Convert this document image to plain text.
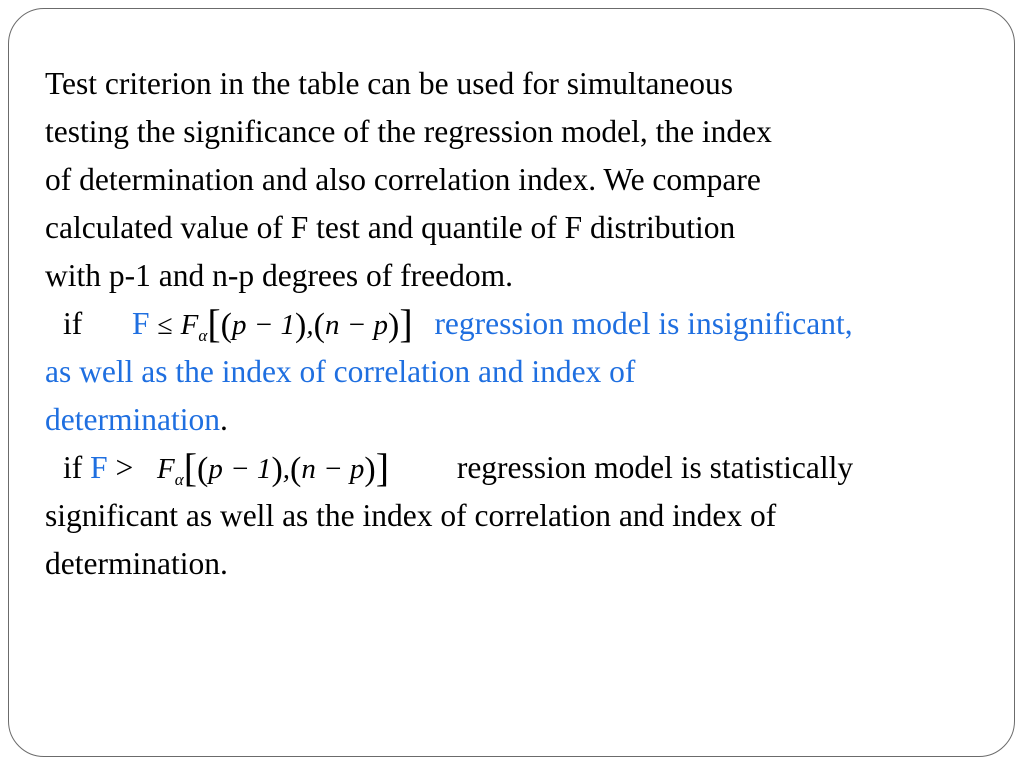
Test criterion in the table can be used for simultaneous
testing the significance of the regression model, the index
of determination and also correlation index. We compare
calculated value of F test and quantile of F distribution
with p-1 and n-p degrees of freedom.
if $F \le F_\alpha[(p - 1),(n - p)]$ regression model is insignificant,
as well as the index of correlation and index of
determination.
if $F > F_\alpha[(p - 1),(n - p)]$ regression model is statistically
significant as well as the index of correlation and index of
determination.
